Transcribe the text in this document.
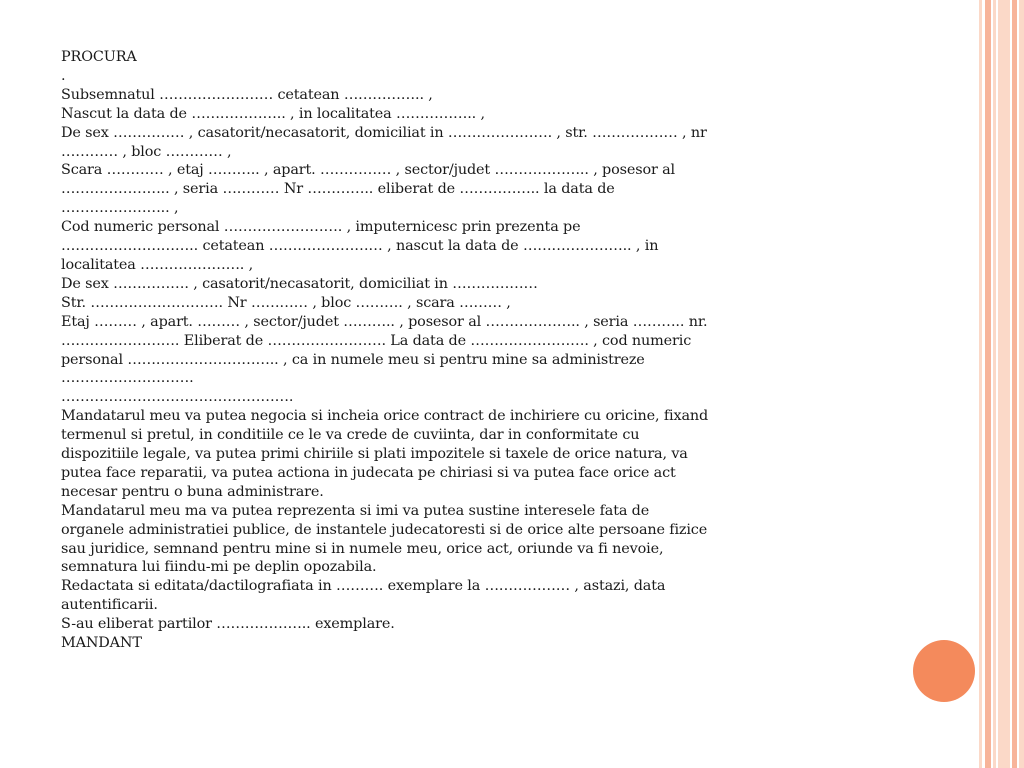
PROCURA

.

Subsemnatul …………………… cetatean …………….. ,

Nascut la data de ……………….. , in localitatea …………….. ,

De sex …………… , casatorit/necasatorit, domiciliat in …………………. , str. ……………… , nr ………… , bloc ………… ,

Scara ………… , etaj ……….. , apart. …………… , sector/judet ……………….. , posesor al ………………….. , seria ………… Nr ………….. eliberat de …………….. la data de ………………….. ,

Cod numeric personal ……………………. , imputernicesc prin prezenta pe ……………………….. cetatean …………………… , nascut la data de ………………….. , in localitatea …………………. ,

De sex ……………. , casatorit/necasatorit, domiciliat in ………………

Str. ………………………. Nr ………… , bloc ………. , scara ……… ,

Etaj ……… , apart. ……… , sector/judet ……….. , posesor al ……………….. , seria ……….. nr. ……………………. Eliberat de ……………………. La data de ……………………. , cod numeric personal ………………………….. , ca in numele meu si pentru mine sa administreze ……………………….

………………………………………….

Mandatarul meu va putea negocia si incheia orice contract de inchiriere cu oricine, fixand termenul si pretul, in conditiile ce le va crede de cuviinta, dar in conformitate cu dispozitiile legale, va putea primi chiriile si plati impozitele si taxele de orice natura, va putea face reparatii, va putea actiona in judecata pe chiriasi si va putea face orice act necesar pentru o buna administrare.

Mandatarul meu ma va putea reprezenta si imi va putea sustine interesele fata de organele administratiei publice, de instantele judecatoresti si de orice alte persoane fizice sau juridice, semnand pentru mine si in numele meu, orice act, oriunde va fi nevoie, semnatura lui fiindu-mi pe deplin opozabila.

Redactata si editata/dactilografiata in ………. exemplare la ……………… , astazi, data autentificarii.

S-au eliberat partilor ……………….. exemplare.

MANDANT
